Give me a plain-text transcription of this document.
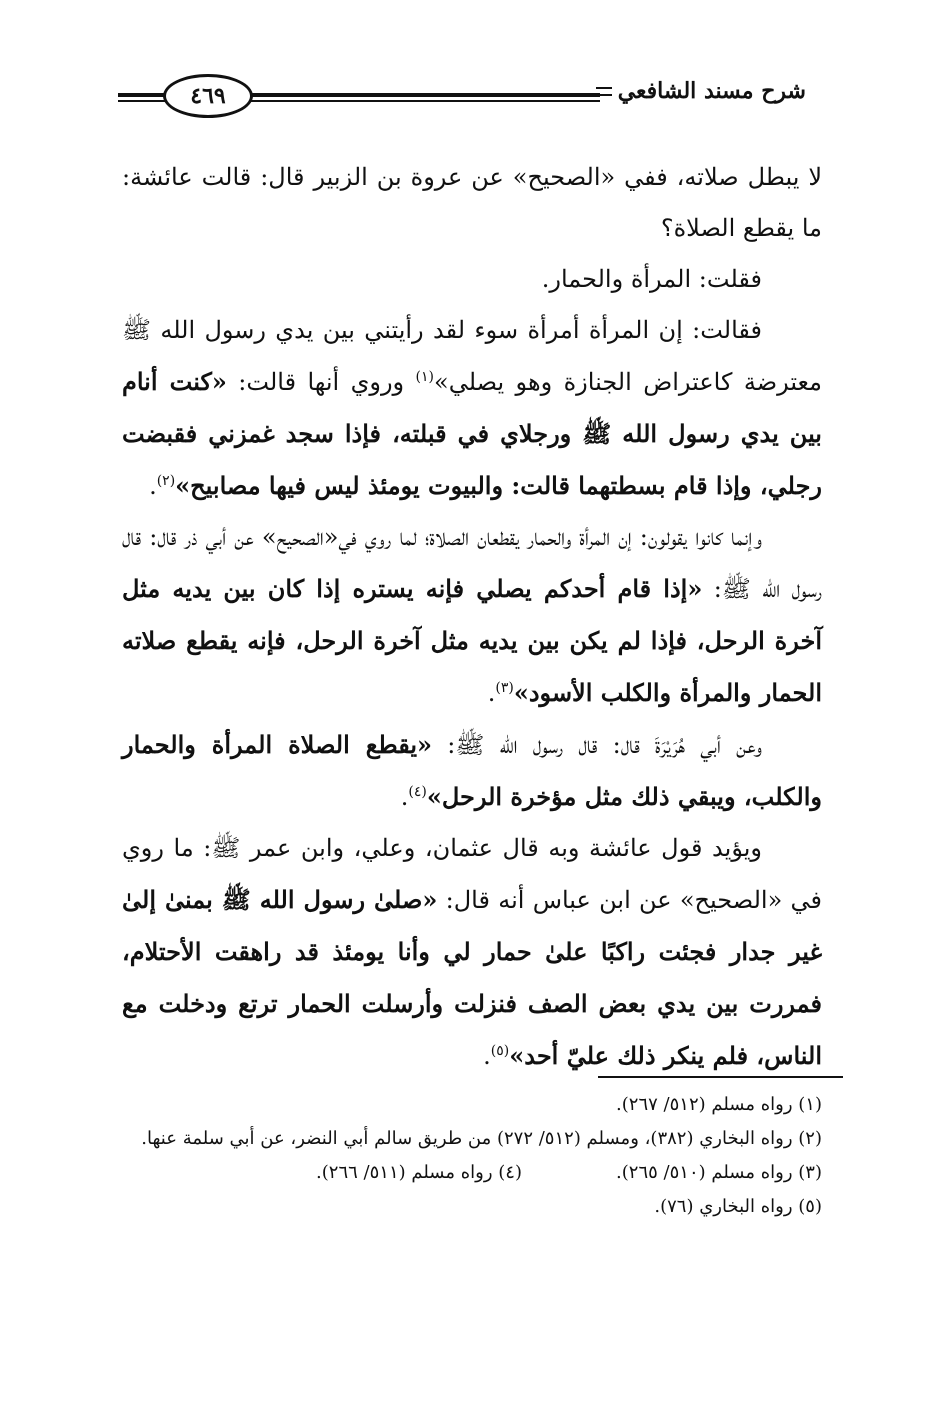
شرح مسند الشافعي
٤٦٩

لا يبطل صلاته، ففي «الصحيح» عن عروة بن الزبير قال: قالت عائشة: ما يقطع الصلاة؟

فقلت: المرأة والحمار.

فقالت: إن المرأة أمرأة سوء لقد رأيتني بين يدي رسول الله ﷺ معترضة كاعتراض الجنازة وهو يصلي»$^{(١)}$ وروي أنها قالت: «كنت أنام بين يدي رسول الله ﷺ ورجلاي في قبلته، فإذا سجد غمزني فقبضت رجلي، وإذا قام بسطتهما قالت: والبيوت يومئذ ليس فيها مصابيح»$^{(٢)}$.

وإنما كانوا يقولون: إن المرأة والحمار يقطعان الصلاة؛ لما روي في«الصحيح» عن أبي ذر قال: قال رسول الله ﷺ: «إذا قام أحدكم يصلي فإنه يستره إذا كان بين يديه مثل آخرة الرحل، فإذا لم يكن بين يديه مثل آخرة الرحل، فإنه يقطع صلاته الحمار والمرأة والكلب الأسود»$^{(٣)}$.

وعن أبي هُرَيْرَةَ قال: قال رسول الله ﷺ: «يقطع الصلاة المرأة والحمار والكلب، ويبقي ذلك مثل مؤخرة الرحل»$^{(٤)}$.

ويؤيد قول عائشة وبه قال عثمان، وعلي، وابن عمر ﷺ: ما روي في «الصحيح» عن ابن عباس أنه قال: «صلىٰ رسول الله ﷺ بمنىٰ إلىٰ غير جدار فجئت راكبًا علىٰ حمار لي وأنا يومئذ قد راهقت الأحتلام، فمررت بين يدي بعض الصف فنزلت وأرسلت الحمار ترتع ودخلت مع الناس، فلم ينكر ذلك عليّ أحد»$^{(٥)}$.

(١) رواه مسلم (٥١٢/ ٢٦٧).

(٢) رواه البخاري (٣٨٢)، ومسلم (٥١٢/ ٢٧٢) من طريق سالم أبي النضر، عن أبي سلمة عنها.

(٣) رواه مسلم (٥١٠/ ٢٦٥).
(٤) رواه مسلم (٥١١/ ٢٦٦).

(٥) رواه البخاري (٧٦).
